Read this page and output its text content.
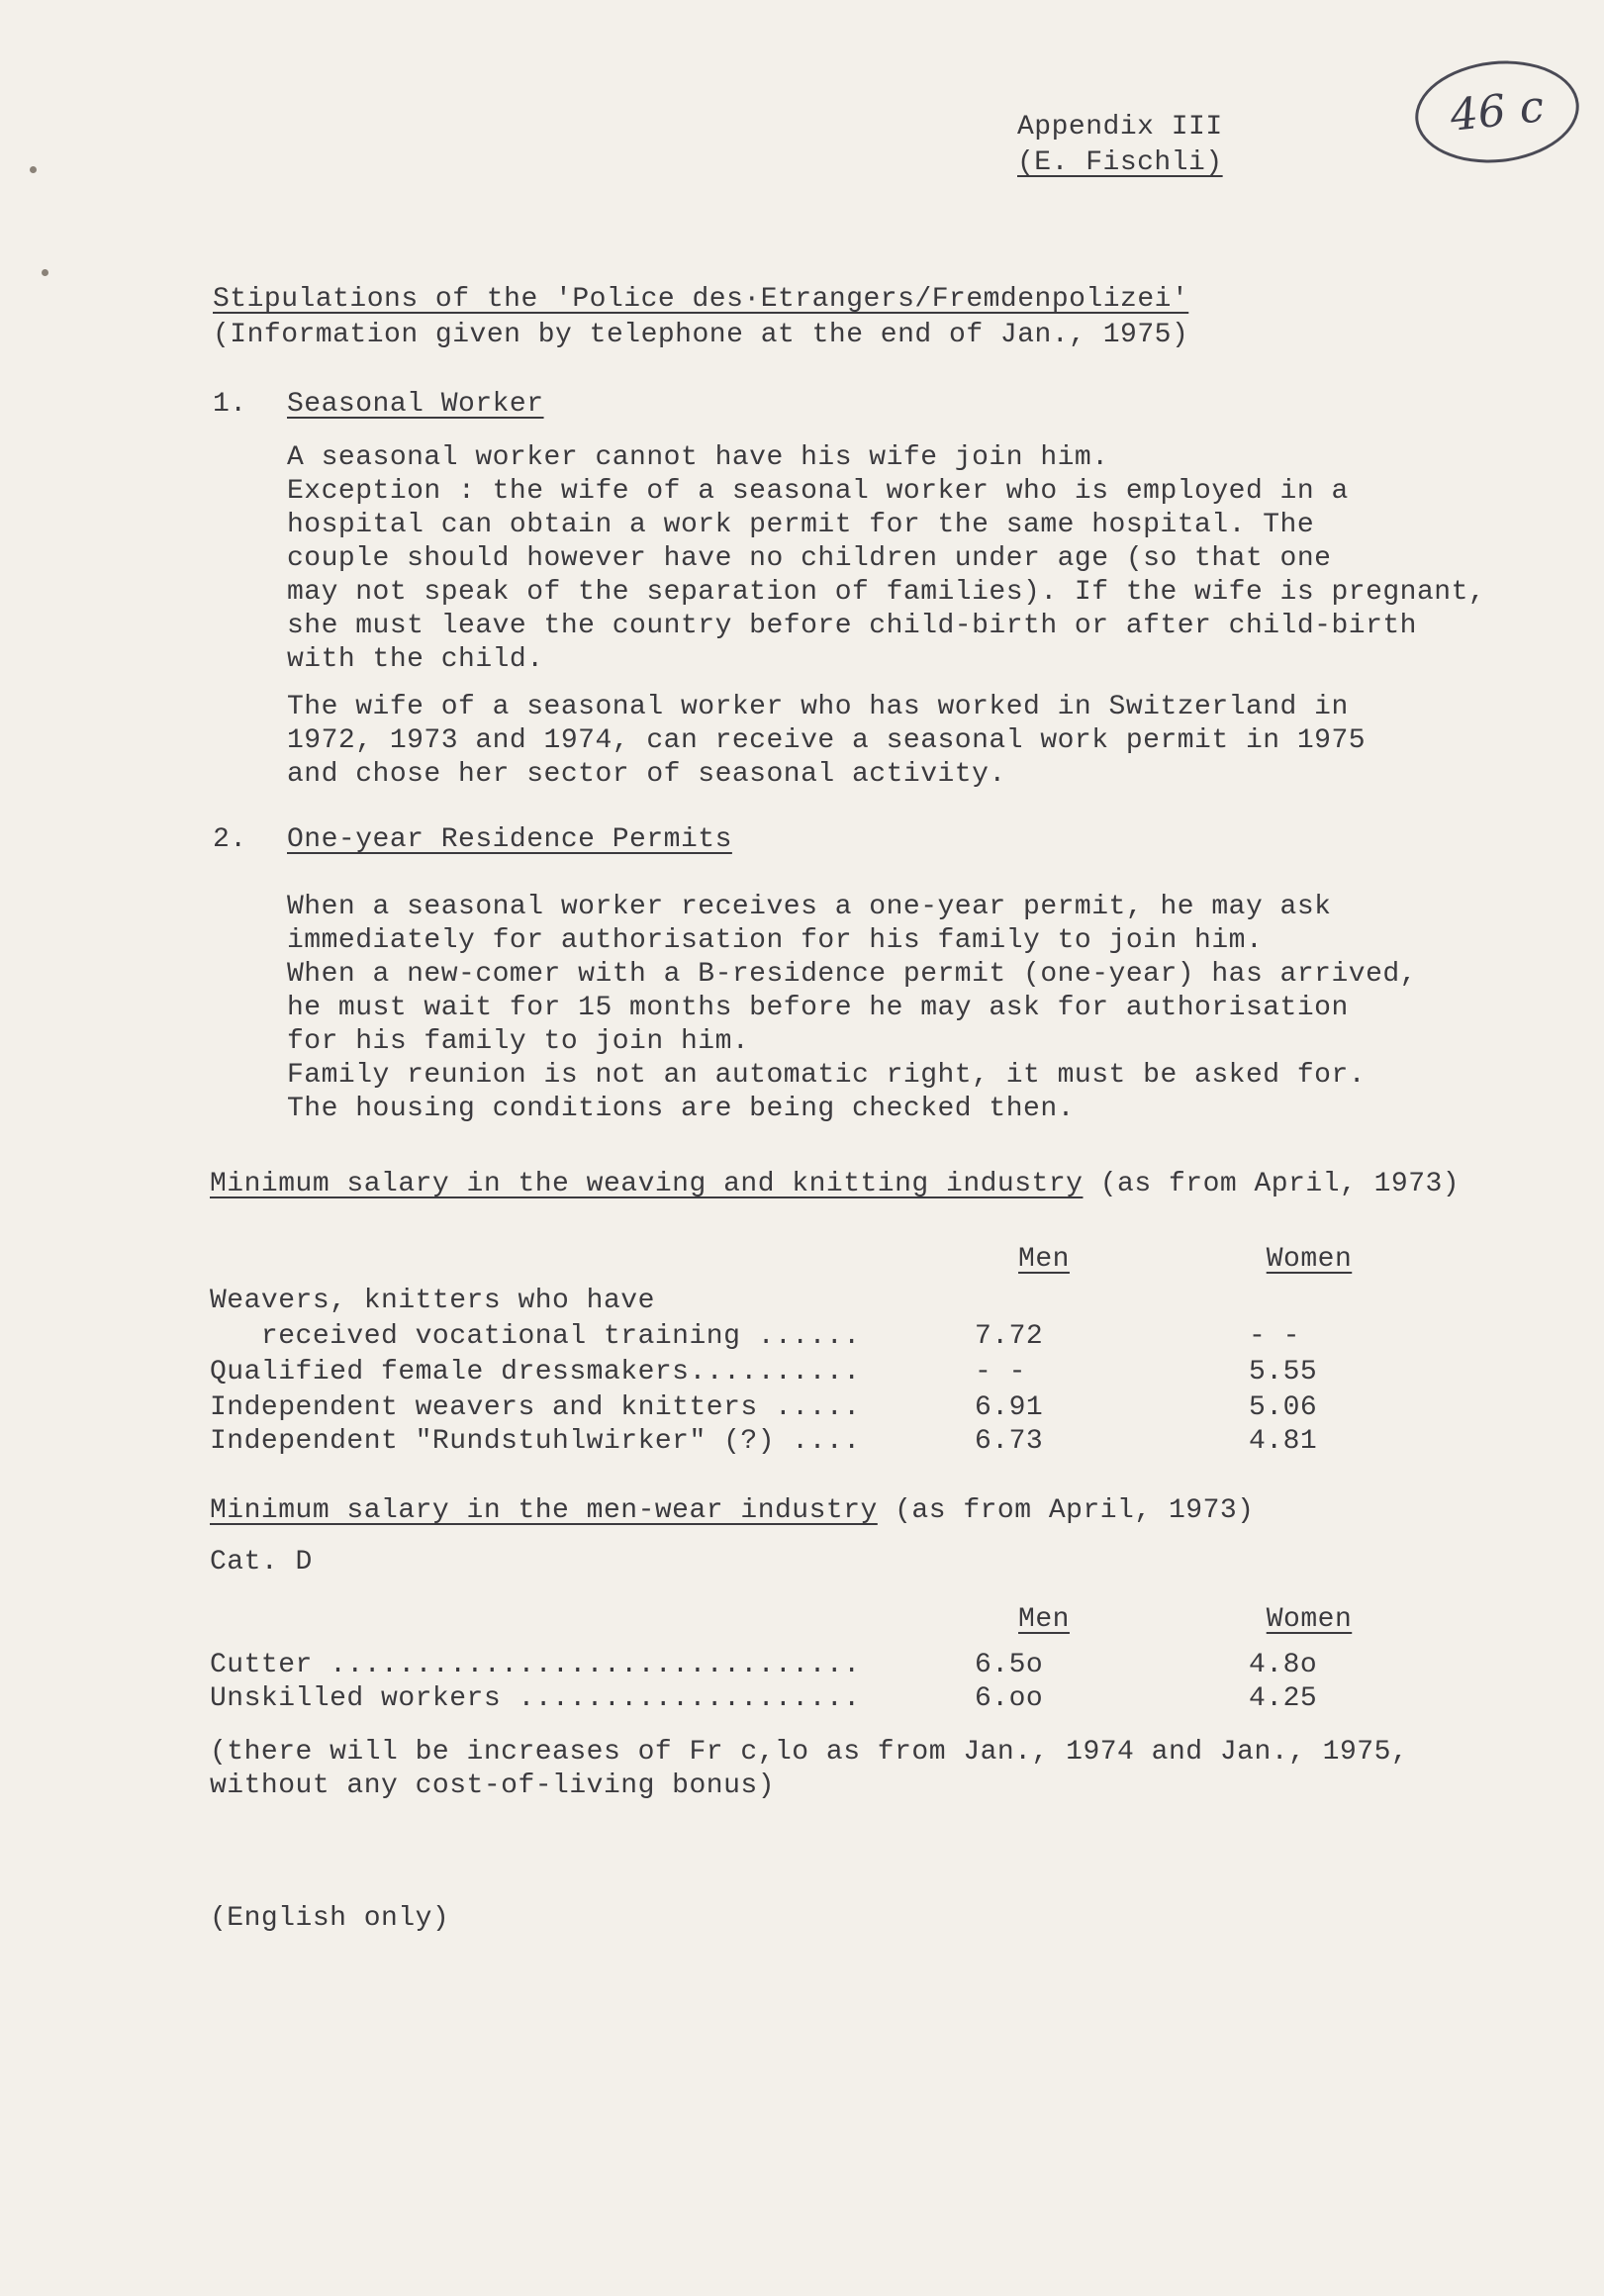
Appendix III
(E. Fischli)
46 c
Stipulations of the 'Police des·Etrangers/Fremdenpolizei'
(Information given by telephone at the end of Jan., 1975)
1. Seasonal Worker
A seasonal worker cannot have his wife join him.
Exception : the wife of a seasonal worker who is employed in a
hospital can obtain a work permit for the same hospital. The
couple should however have no children under age (so that one
may not speak of the separation of families). If the wife is pregnant,
she must leave the country before child-birth or after child-birth
with the child.
The wife of a seasonal worker who has worked in Switzerland in
1972, 1973 and 1974, can receive a seasonal work permit in 1975
and chose her sector of seasonal activity.
2. One-year Residence Permits
When a seasonal worker receives a one-year permit, he may ask
immediately for authorisation for his family to join him.
When a new-comer with a B-residence permit (one-year) has arrived,
he must wait for 15 months before he may ask for authorisation
for his family to join him.
Family reunion is not an automatic right, it must be asked for.
The housing conditions are being checked then.
Minimum salary in the weaving and knitting industry (as from April, 1973)
Men	Women
Weavers, knitters who have
received vocational training ......	7.72	- -
Qualified female dressmakers..........	- -	5.55
Independent weavers and knitters .....	6.91	5.06
Independent "Rundstuhlwirker" (?) ....	6.73	4.81
Minimum salary in the men-wear industry (as from April, 1973)
Cat. D
Men	Women
Cutter ...............................	6.5o	4.8o
Unskilled workers ....................	6.oo	4.25
(there will be increases of Fr c,lo as from Jan., 1974 and Jan., 1975,
without any cost-of-living bonus)
(English only)
